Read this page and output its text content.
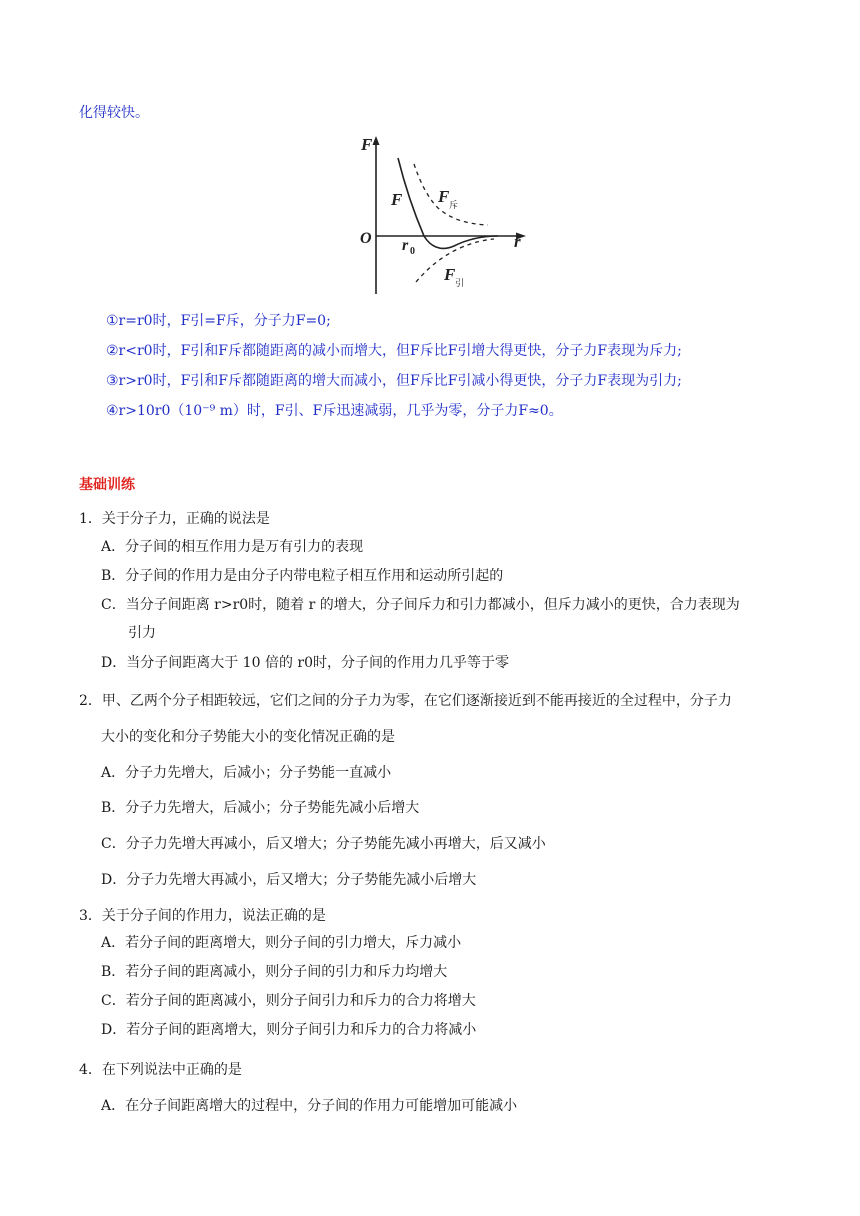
化得较快。
F
r
O
F F 斥
F 引
r 0
①r=r0时，F引=F斥，分子力F=0;
②r<r0时，F引和F斥都随距离的减小而增大，但F斥比F引增大得更快，分子力F表现为斥力;
③r>r0时，F引和F斥都随距离的增大而减小，但F斥比F引减小得更快，分子力F表现为引力;
④r>10r0（10⁻⁹ m）时，F引、F斥迅速减弱，几乎为零，分子力F≈0。
基础训练
1．关于分子力，正确的说法是
A．分子间的相互作用力是万有引力的表现
B．分子间的作用力是由分子内带电粒子相互作用和运动所引起的
C．当分子间距离 r>r0时，随着 r 的增大，分子间斥力和引力都减小，但斥力减小的更快，合力表现为
引力
D．当分子间距离大于 10 倍的 r0时，分子间的作用力几乎等于零
2．甲、乙两个分子相距较远，它们之间的分子力为零，在它们逐渐接近到不能再接近的全过程中，分子力
大小的变化和分子势能大小的变化情况正确的是
A．分子力先增大，后减小；分子势能一直减小
B．分子力先增大，后减小；分子势能先减小后增大
C．分子力先增大再减小，后又增大；分子势能先减小再增大，后又减小
D．分子力先增大再减小，后又增大；分子势能先减小后增大
3．关于分子间的作用力，说法正确的是
A．若分子间的距离增大，则分子间的引力增大，斥力减小
B．若分子间的距离减小，则分子间的引力和斥力均增大
C．若分子间的距离减小，则分子间引力和斥力的合力将增大
D．若分子间的距离增大，则分子间引力和斥力的合力将减小
4．在下列说法中正确的是
A．在分子间距离增大的过程中，分子间的作用力可能增加可能减小
